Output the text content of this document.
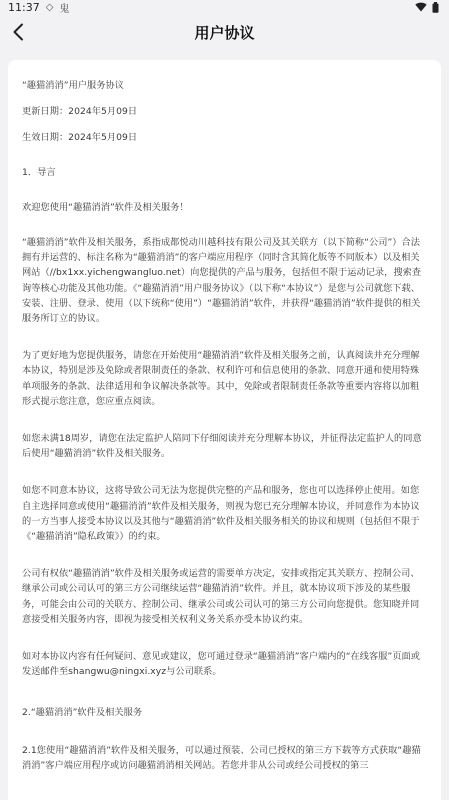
11:37 ◇ 鬼
用户协议

“趣猫消消”用户服务协议

更新日期：2024年5月09日

生效日期：2024年5月09日

1．导言

欢迎您使用“趣猫消消”软件及相关服务！

“趣猫消消”软件及相关服务，系指成都悦动川越科技有限公司及其关联方（以下简称“公司”）合法拥有并运营的、标注名称为“趣猫消消”的客户端应用程序（同时含其简化版等不同版本）以及相关网站（//bx1xx.yichengwangluo.net）向您提供的产品与服务，包括但不限于运动记录，搜索查询等核心功能及其他功能。《“趣猫消消”用户服务协议》（以下称“本协议”）是您与公司就您下载、安装、注册、登录、使用（以下统称“使用”）“趣猫消消”软件，并获得“趣猫消消”软件提供的相关服务所订立的协议。

为了更好地为您提供服务，请您在开始使用“趣猫消消”软件及相关服务之前，认真阅读并充分理解本协议，特别是涉及免除或者限制责任的条款、权利许可和信息使用的条款、同意开通和使用特殊单项服务的条款、法律适用和争议解决条款等。其中，免除或者限制责任条款等重要内容将以加粗形式提示您注意，您应重点阅读。

如您未满18周岁，请您在法定监护人陪同下仔细阅读并充分理解本协议，并征得法定监护人的同意后使用“趣猫消消”软件及相关服务。

如您不同意本协议，这将导致公司无法为您提供完整的产品和服务，您也可以选择停止使用。如您自主选择同意或使用“趣猫消消”软件及相关服务，则视为您已充分理解本协议，并同意作为本协议的一方当事人接受本协议以及其他与“趣猫消消”软件及相关服务相关的协议和规则（包括但不限于《“趣猫消消”隐私政策》）的约束。

公司有权依“趣猫消消”软件及相关服务或运营的需要单方决定，安排或指定其关联方、控制公司、继承公司或公司认可的第三方公司继续运营“趣猫消消”软件。并且，就本协议项下涉及的某些服务，可能会由公司的关联方、控制公司、继承公司或公司认可的第三方公司向您提供。您知晓并同意接受相关服务内容，即视为接受相关权利义务关系亦受本协议约束。

如对本协议内容有任何疑问、意见或建议，您可通过登录“趣猫消消”客户端内的“在线客服”页面或发送邮件至shangwu@ningxi.xyz与公司联系。

2.“趣猫消消”软件及相关服务

2.1您使用“趣猫消消”软件及相关服务，可以通过预装、公司已授权的第三方下载等方式获取“趣猫消消”客户端应用程序或访问趣猫消消相关网站。若您并非从公司或经公司授权的第三
